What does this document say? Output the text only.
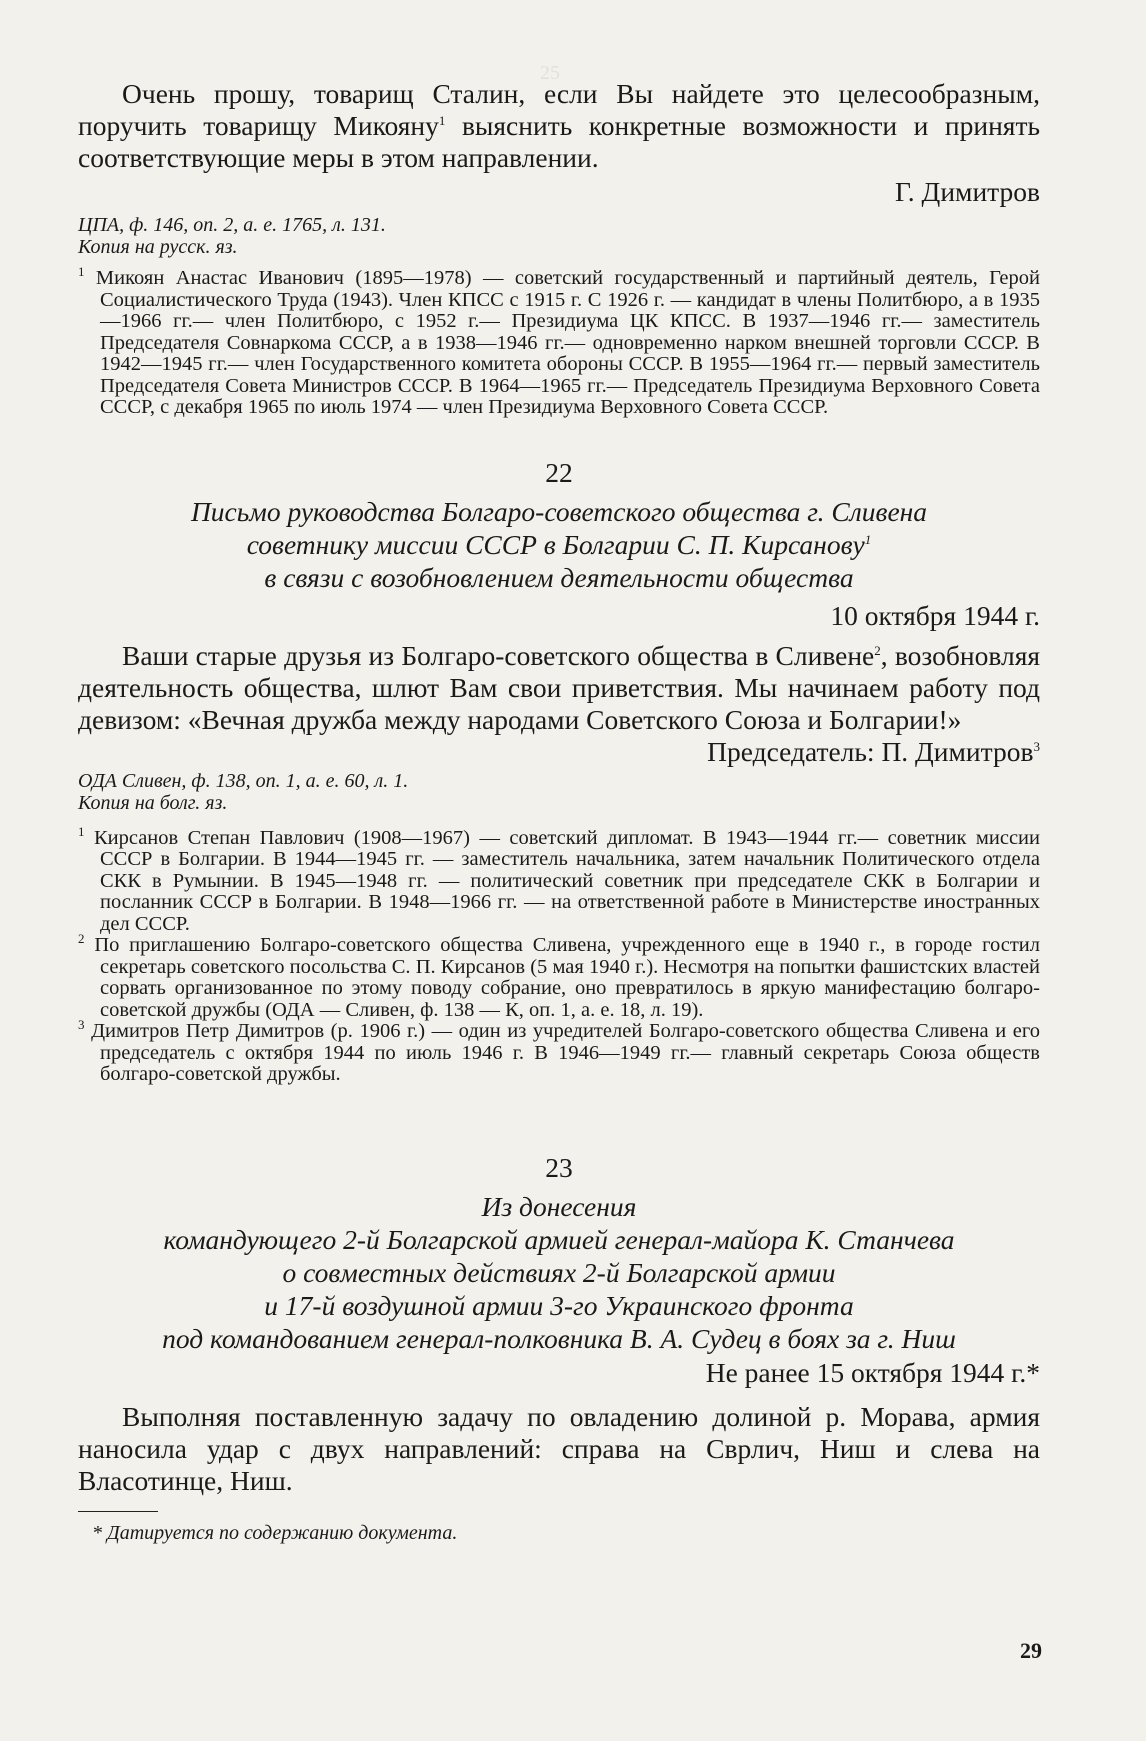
25

Очень прошу, товарищ Сталин, если Вы найдете это целесообразным, поручить товарищу Микояну$^1$ выяснить конкретные возможности и принять соответствующие меры в этом направлении.

Г. Димитров

ЦПА, ф. 146, оп. 2, а. е. 1765, л. 131.

Копия на русск. яз.

$^1$ Микоян Анастас Иванович (1895—1978) — советский государственный и партийный деятель, Герой Социалистического Труда (1943). Член КПСС с 1915 г. С 1926 г. — кандидат в члены Политбюро, а в 1935—1966 гг.— член Политбюро, с 1952 г.— Президиума ЦК КПСС. В 1937—1946 гг.— заместитель Председателя Совнаркома СССР, а в 1938—1946 гг.— одновременно нарком внешней торговли СССР. В 1942—1945 гг.— член Государственного комитета обороны СССР. В 1955—1964 гг.— первый заместитель Председателя Совета Министров СССР. В 1964—1965 гг.— Председатель Президиума Верховного Совета СССР, с декабря 1965 по июль 1974 — член Президиума Верховного Совета СССР.

22

Письмо руководства Болгаро-советского общества г. Сливена

советнику миссии СССР в Болгарии С. П. Кирсанову$^1$

в связи с возобновлением деятельности общества

10 октября 1944 г.

Ваши старые друзья из Болгаро-советского общества в Сливене$^2$, возобновляя деятельность общества, шлют Вам свои приветствия. Мы начинаем работу под девизом: «Вечная дружба между народами Советского Союза и Болгарии!»

Председатель: П. Димитров$^3$

ОДА Сливен, ф. 138, оп. 1, а. е. 60, л. 1.

Копия на болг. яз.

$^1$ Кирсанов Степан Павлович (1908—1967) — советский дипломат. В 1943—1944 гг.— советник миссии СССР в Болгарии. В 1944—1945 гг. — заместитель начальника, затем начальник Политического отдела СКК в Румынии. В 1945—1948 гг. — политический советник при председателе СКК в Болгарии и посланник СССР в Болгарии. В 1948—1966 гг. — на ответственной работе в Министерстве иностранных дел СССР.

$^2$ По приглашению Болгаро-советского общества Сливена, учрежденного еще в 1940 г., в городе гостил секретарь советского посольства С. П. Кирсанов (5 мая 1940 г.). Несмотря на попытки фашистских властей сорвать организованное по этому поводу собрание, оно превратилось в яркую манифестацию болгаро-советской дружбы (ОДА — Сливен, ф. 138 — К, оп. 1, а. е. 18, л. 19).

$^3$ Димитров Петр Димитров (р. 1906 г.) — один из учредителей Болгаро-советского общества Сливена и его председатель с октября 1944 по июль 1946 г. В 1946—1949 гг.— главный секретарь Союза обществ болгаро-советской дружбы.

23

Из донесения

командующего 2-й Болгарской армией генерал-майора К. Станчева

о совместных действиях 2-й Болгарской армии

и 17-й воздушной армии 3-го Украинского фронта

под командованием генерал-полковника В. А. Судец в боях за г. Ниш

Не ранее 15 октября 1944 г.*

Выполняя поставленную задачу по овладению долиной р. Морава, армия наносила удар с двух направлений: справа на Сврлич, Ниш и слева на Власотинце, Ниш.

* Датируется по содержанию документа.

29
